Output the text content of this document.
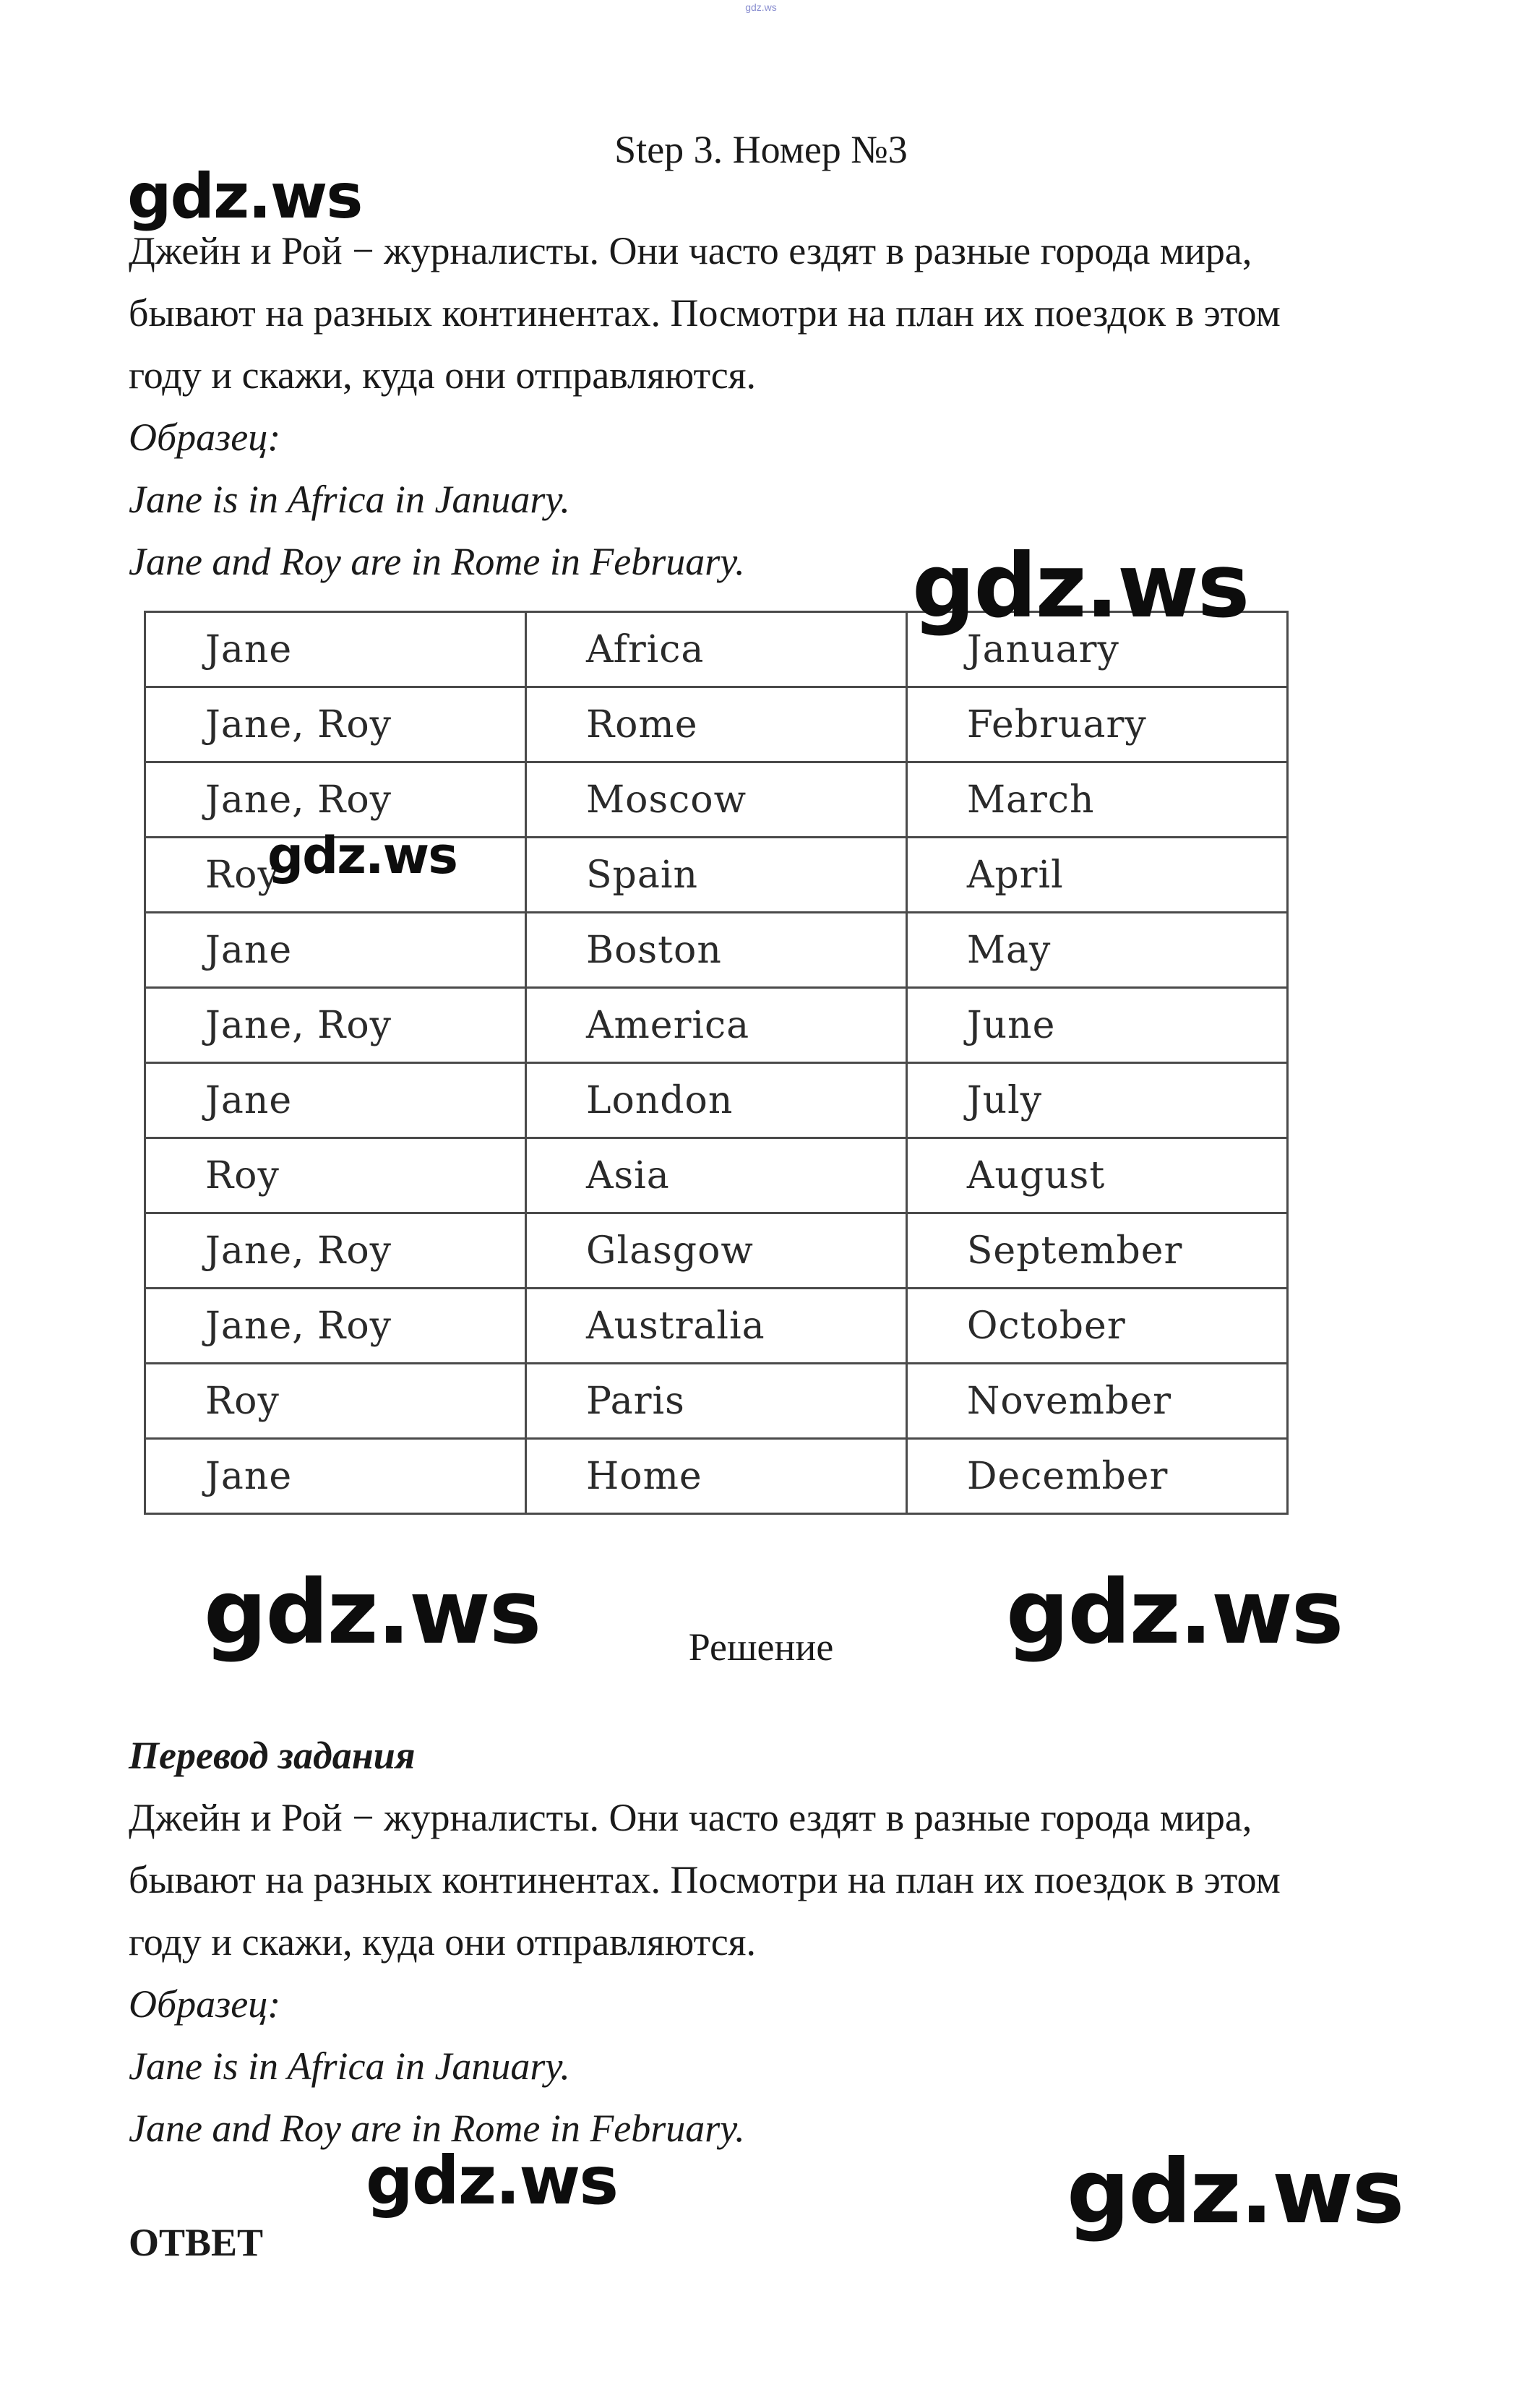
gdz.ws
Step 3. Номер №3
Джейн и Рой − журналисты. Они часто ездят в разные города мира,
бывают на разных континентах. Посмотри на план их поездок в этом
году и скажи, куда они отправляются.
Образец:
Jane is in Africa in January.
Jane and Roy are in Rome in February.
Jane	Africa	January
Jane, Roy	Rome	February
Jane, Roy	Moscow	March
Roy	Spain	April
Jane	Boston	May
Jane, Roy	America	June
Jane	London	July
Roy	Asia	August
Jane, Roy	Glasgow	September
Jane, Roy	Australia	October
Roy	Paris	November
Jane	Home	December
Решение
Перевод задания
Джейн и Рой − журналисты. Они часто ездят в разные города мира,
бывают на разных континентах. Посмотри на план их поездок в этом
году и скажи, куда они отправляются.
Образец:
Jane is in Africa in January.
Jane and Roy are in Rome in February.
ОТВЕТ
gdz.ws
gdz.ws
gdz.ws
gdz.ws	gdz.ws
gdz.ws	gdz.ws
